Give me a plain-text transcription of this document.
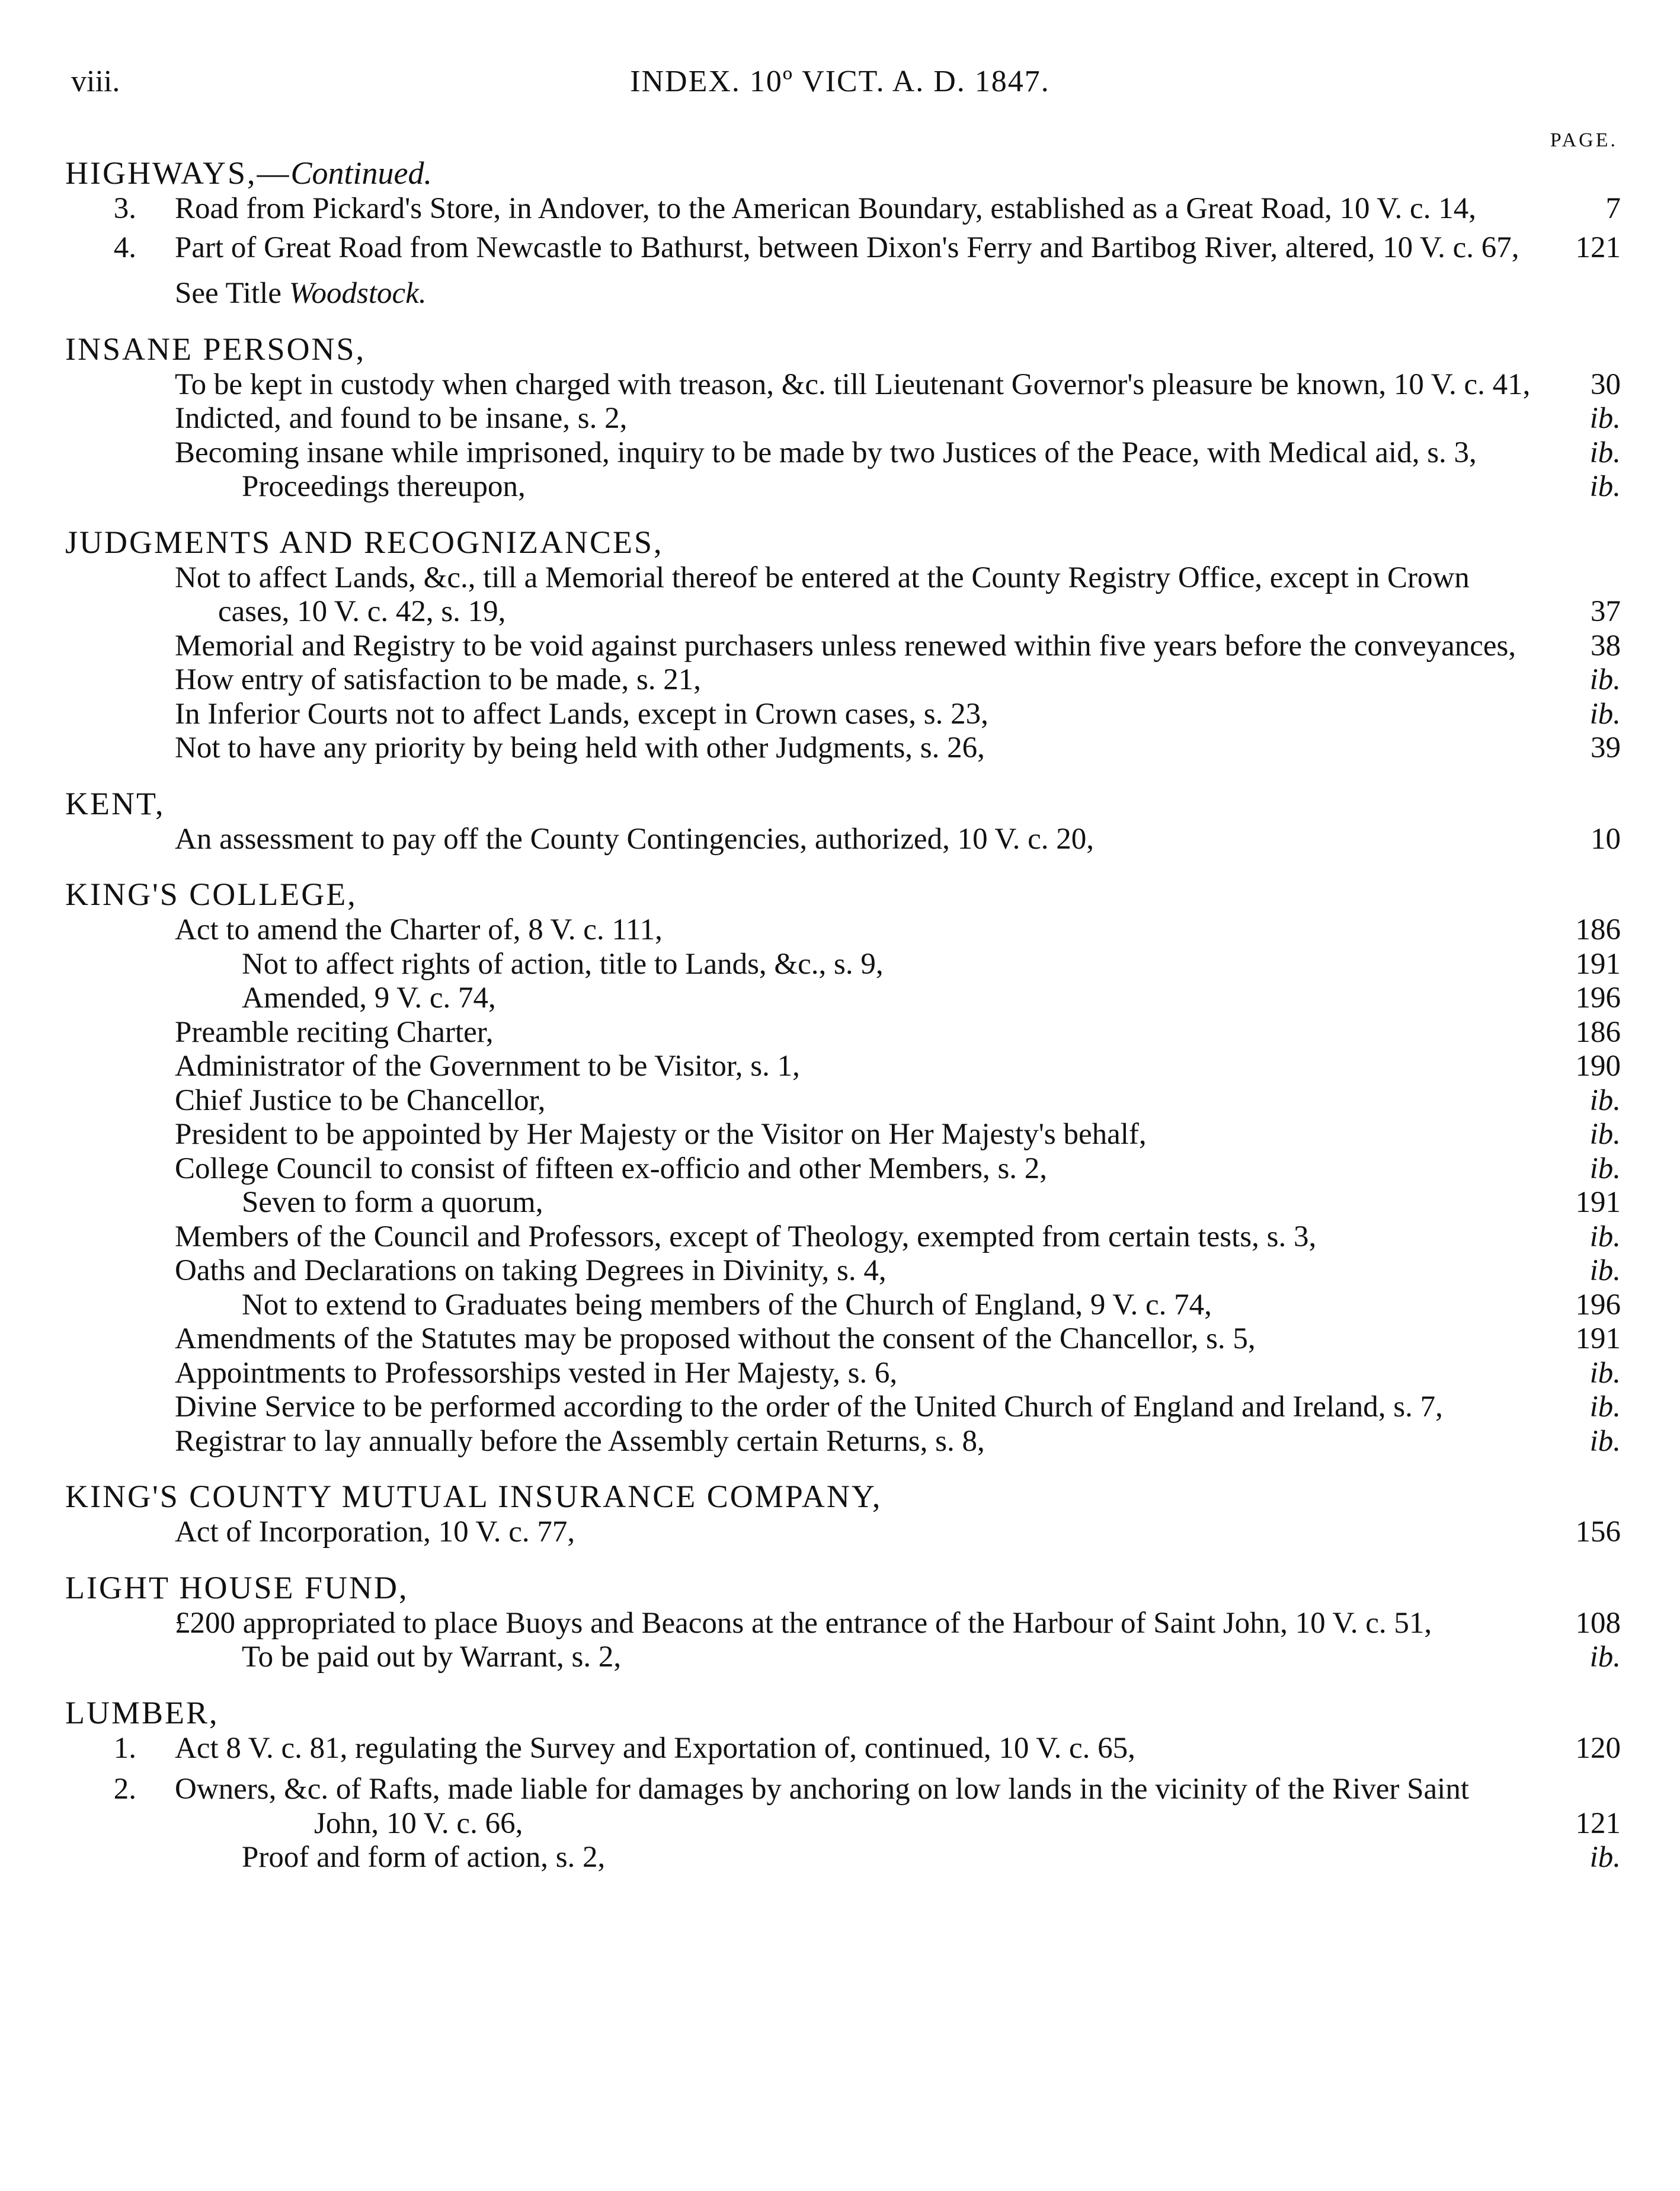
viii.	INDEX. 10º VICT. A. D. 1847.
PAGE.
HIGHWAYS,—Continued.
3. Road from Pickard's Store, in Andover, to the American Boundary, established as a Great Road, 10 V. c. 14,	7
4. Part of Great Road from Newcastle to Bathurst, between Dixon's Ferry and Bartibog River, altered, 10 V. c. 67,	121
See Title Woodstock.
INSANE PERSONS,
To be kept in custody when charged with treason, &c. till Lieutenant Governor's pleasure be known, 10 V. c. 41,	30
Indicted, and found to be insane, s. 2,	ib.
Becoming insane while imprisoned, inquiry to be made by two Justices of the Peace, with Medical aid, s. 3,	ib.
Proceedings thereupon,	ib.
JUDGMENTS AND RECOGNIZANCES,
Not to affect Lands, &c., till a Memorial thereof be entered at the County Registry Office, except in Crown cases, 10 V. c. 42, s. 19,	37
Memorial and Registry to be void against purchasers unless renewed within five years before the conveyances,	38
How entry of satisfaction to be made, s. 21,	ib.
In Inferior Courts not to affect Lands, except in Crown cases, s. 23,	ib.
Not to have any priority by being held with other Judgments, s. 26,	39
KENT,
An assessment to pay off the County Contingencies, authorized, 10 V. c. 20,	10
KING'S COLLEGE,
Act to amend the Charter of, 8 V. c. 111,	186
Not to affect rights of action, title to Lands, &c., s. 9,	191
Amended, 9 V. c. 74,	196
Preamble reciting Charter,	186
Administrator of the Government to be Visitor, s. 1,	190
Chief Justice to be Chancellor,	ib.
President to be appointed by Her Majesty or the Visitor on Her Majesty's behalf,	ib.
College Council to consist of fifteen ex-officio and other Members, s. 2,	ib.
Seven to form a quorum,	191
Members of the Council and Professors, except of Theology, exempted from certain tests, s. 3,	ib.
Oaths and Declarations on taking Degrees in Divinity, s. 4,	ib.
Not to extend to Graduates being members of the Church of England, 9 V. c. 74,	196
Amendments of the Statutes may be proposed without the consent of the Chancellor, s. 5,	191
Appointments to Professorships vested in Her Majesty, s. 6,	ib.
Divine Service to be performed according to the order of the United Church of England and Ireland, s. 7,	ib.
Registrar to lay annually before the Assembly certain Returns, s. 8,	ib.
KING'S COUNTY MUTUAL INSURANCE COMPANY,
Act of Incorporation, 10 V. c. 77,	156
LIGHT HOUSE FUND,
£200 appropriated to place Buoys and Beacons at the entrance of the Harbour of Saint John, 10 V. c. 51,	108
To be paid out by Warrant, s. 2,	ib.
LUMBER,
1. Act 8 V. c. 81, regulating the Survey and Exportation of, continued, 10 V. c. 65,	120
2. Owners, &c. of Rafts, made liable for damages by anchoring on low lands in the vicinity of the River Saint John, 10 V. c. 66,	121
Proof and form of action, s. 2,	ib.
